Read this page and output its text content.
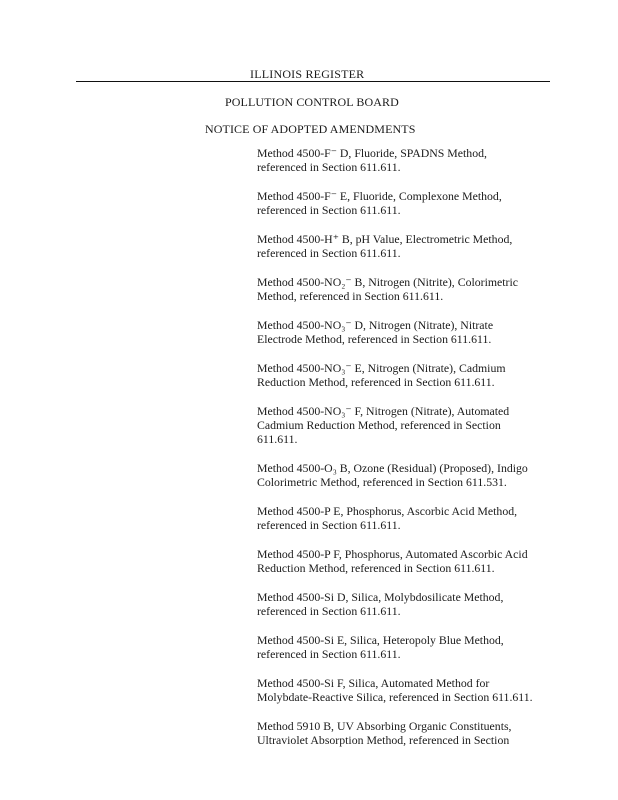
ILLINOIS REGISTER
POLLUTION CONTROL BOARD
NOTICE OF ADOPTED AMENDMENTS

Method 4500-F⁻ D, Fluoride, SPADNS Method,

referenced in Section 611.611.

Method 4500-F⁻ E, Fluoride, Complexone Method,

referenced in Section 611.611.

Method 4500-H⁺ B, pH Value, Electrometric Method,

referenced in Section 611.611.

Method 4500-NO₂⁻ B, Nitrogen (Nitrite), Colorimetric

Method, referenced in Section 611.611.

Method 4500-NO₃⁻ D, Nitrogen (Nitrate), Nitrate

Electrode Method, referenced in Section 611.611.

Method 4500-NO₃⁻ E, Nitrogen (Nitrate), Cadmium

Reduction Method, referenced in Section 611.611.

Method 4500-NO₃⁻ F, Nitrogen (Nitrate), Automated

Cadmium Reduction Method, referenced in Section

611.611.

Method 4500-O₃ B, Ozone (Residual) (Proposed), Indigo

Colorimetric Method, referenced in Section 611.531.

Method 4500-P E, Phosphorus, Ascorbic Acid Method,

referenced in Section 611.611.

Method 4500-P F, Phosphorus, Automated Ascorbic Acid

Reduction Method, referenced in Section 611.611.

Method 4500-Si D, Silica, Molybdosilicate Method,

referenced in Section 611.611.

Method 4500-Si E, Silica, Heteropoly Blue Method,

referenced in Section 611.611.

Method 4500-Si F, Silica, Automated Method for

Molybdate-Reactive Silica, referenced in Section 611.611.

Method 5910 B, UV Absorbing Organic Constituents,

Ultraviolet Absorption Method, referenced in Section
